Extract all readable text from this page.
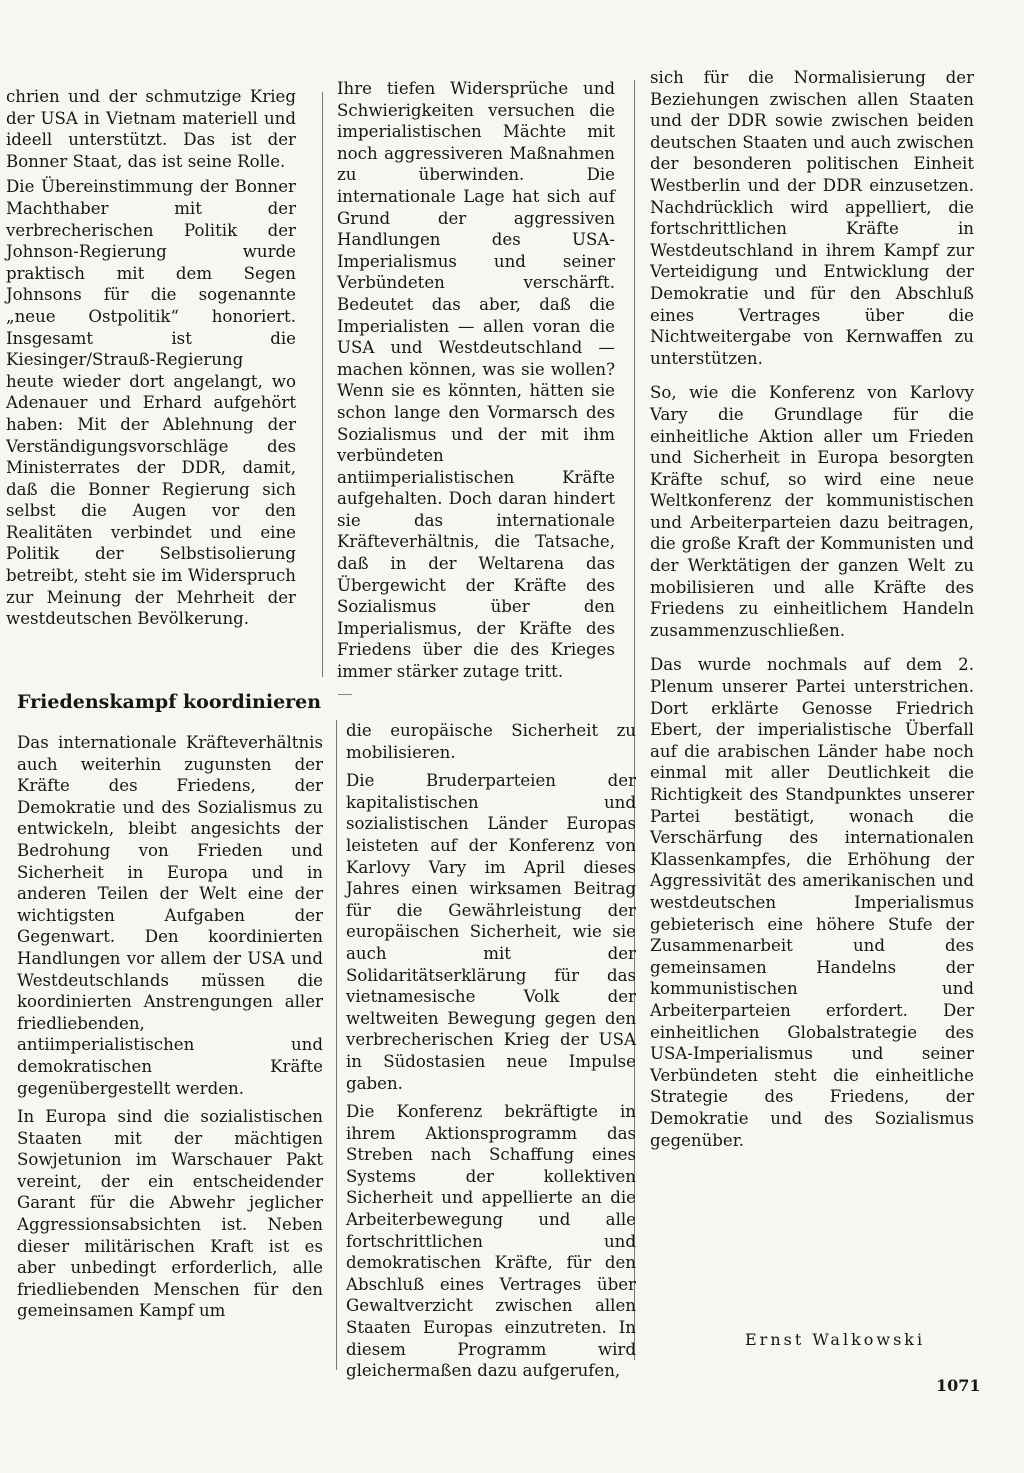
chrien und der schmutzige Krieg der USA in Vietnam materiell und ideell unterstützt. Das ist der Bonner Staat, das ist seine Rolle.

Die Übereinstimmung der Bonner Machthaber mit der verbrecherischen Politik der Johnson-Regierung wurde praktisch mit dem Segen Johnsons für die sogenannte „neue Ostpolitik“ honoriert. Insgesamt ist die Kiesinger/Strauß-Regierung heute wieder dort angelangt, wo Adenauer und Erhard aufgehört haben: Mit der Ablehnung der Verständigungsvorschläge des Ministerrates der DDR, damit, daß die Bonner Regierung sich selbst die Augen vor den Realitäten verbindet und eine Politik der Selbstisolierung betreibt, steht sie im Widerspruch zur Meinung der Mehrheit der westdeutschen Bevölkerung.

Ihre tiefen Widersprüche und Schwierigkeiten versuchen die imperialistischen Mächte mit noch aggressiveren Maßnahmen zu überwinden. Die internationale Lage hat sich auf Grund der aggressiven Handlungen des USA-Imperialismus und seiner Verbündeten verschärft. Bedeutet das aber, daß die Imperialisten — allen voran die USA und Westdeutschland — machen können, was sie wollen? Wenn sie es könnten, hätten sie schon lange den Vormarsch des Sozialismus und der mit ihm verbündeten antiimperialistischen Kräfte aufgehalten. Doch daran hindert sie das internationale Kräfteverhältnis, die Tatsache, daß in der Weltarena das Übergewicht der Kräfte des Sozialismus über den Imperialismus, der Kräfte des Friedens über die des Krieges immer stärker zutage tritt.

Friedenskampf koordinieren

Das internationale Kräfteverhältnis auch weiterhin zugunsten der Kräfte des Friedens, der Demokratie und des Sozialismus zu entwickeln, bleibt angesichts der Bedrohung von Frieden und Sicherheit in Europa und in anderen Teilen der Welt eine der wichtigsten Aufgaben der Gegenwart. Den koordinierten Handlungen vor allem der USA und Westdeutschlands müssen die koordinierten Anstrengungen aller friedliebenden, antiimperialistischen und demokratischen Kräfte gegenübergestellt werden.

In Europa sind die sozialistischen Staaten mit der mächtigen Sowjetunion im Warschauer Pakt vereint, der ein entscheidender Garant für die Abwehr jeglicher Aggressionsabsichten ist. Neben dieser militärischen Kraft ist es aber unbedingt erforderlich, alle friedliebenden Menschen für den gemeinsamen Kampf um

die europäische Sicherheit zu mobilisieren.

Die Bruderparteien der kapitalistischen und sozialistischen Länder Europas leisteten auf der Konferenz von Karlovy Vary im April dieses Jahres einen wirksamen Beitrag für die Gewährleistung der europäischen Sicherheit, wie sie auch mit der Solidaritätserklärung für das vietnamesische Volk der weltweiten Bewegung gegen den verbrecherischen Krieg der USA in Südostasien neue Impulse gaben.

Die Konferenz bekräftigte in ihrem Aktionsprogramm das Streben nach Schaffung eines Systems der kollektiven Sicherheit und appellierte an die Arbeiterbewegung und alle fortschrittlichen und demokratischen Kräfte, für den Abschluß eines Vertrages über Gewaltverzicht zwischen allen Staaten Europas einzutreten. In diesem Programm wird gleichermaßen dazu aufgerufen,

sich für die Normalisierung der Beziehungen zwischen allen Staaten und der DDR sowie zwischen beiden deutschen Staaten und auch zwischen der besonderen politischen Einheit Westberlin und der DDR einzusetzen. Nachdrücklich wird appelliert, die fortschrittlichen Kräfte in Westdeutschland in ihrem Kampf zur Verteidigung und Entwicklung der Demokratie und für den Abschluß eines Vertrages über die Nichtweitergabe von Kernwaffen zu unterstützen.

So, wie die Konferenz von Karlovy Vary die Grundlage für die einheitliche Aktion aller um Frieden und Sicherheit in Europa besorgten Kräfte schuf, so wird eine neue Weltkonferenz der kommunistischen und Arbeiterparteien dazu beitragen, die große Kraft der Kommunisten und der Werktätigen der ganzen Welt zu mobilisieren und alle Kräfte des Friedens zu einheitlichem Handeln zusammenzuschließen.

Das wurde nochmals auf dem 2. Plenum unserer Partei unterstrichen. Dort erklärte Genosse Friedrich Ebert, der imperialistische Überfall auf die arabischen Länder habe noch einmal mit aller Deutlichkeit die Richtigkeit des Standpunktes unserer Partei bestätigt, wonach die Verschärfung des internationalen Klassenkampfes, die Erhöhung der Aggressivität des amerikanischen und westdeutschen Imperialismus gebieterisch eine höhere Stufe der Zusammenarbeit und des gemeinsamen Handelns der kommunistischen und Arbeiterparteien erfordert. Der einheitlichen Globalstrategie des USA-Imperialismus und seiner Verbündeten steht die einheitliche Strategie des Friedens, der Demokratie und des Sozialismus gegenüber.

Ernst Walkowski
1071
